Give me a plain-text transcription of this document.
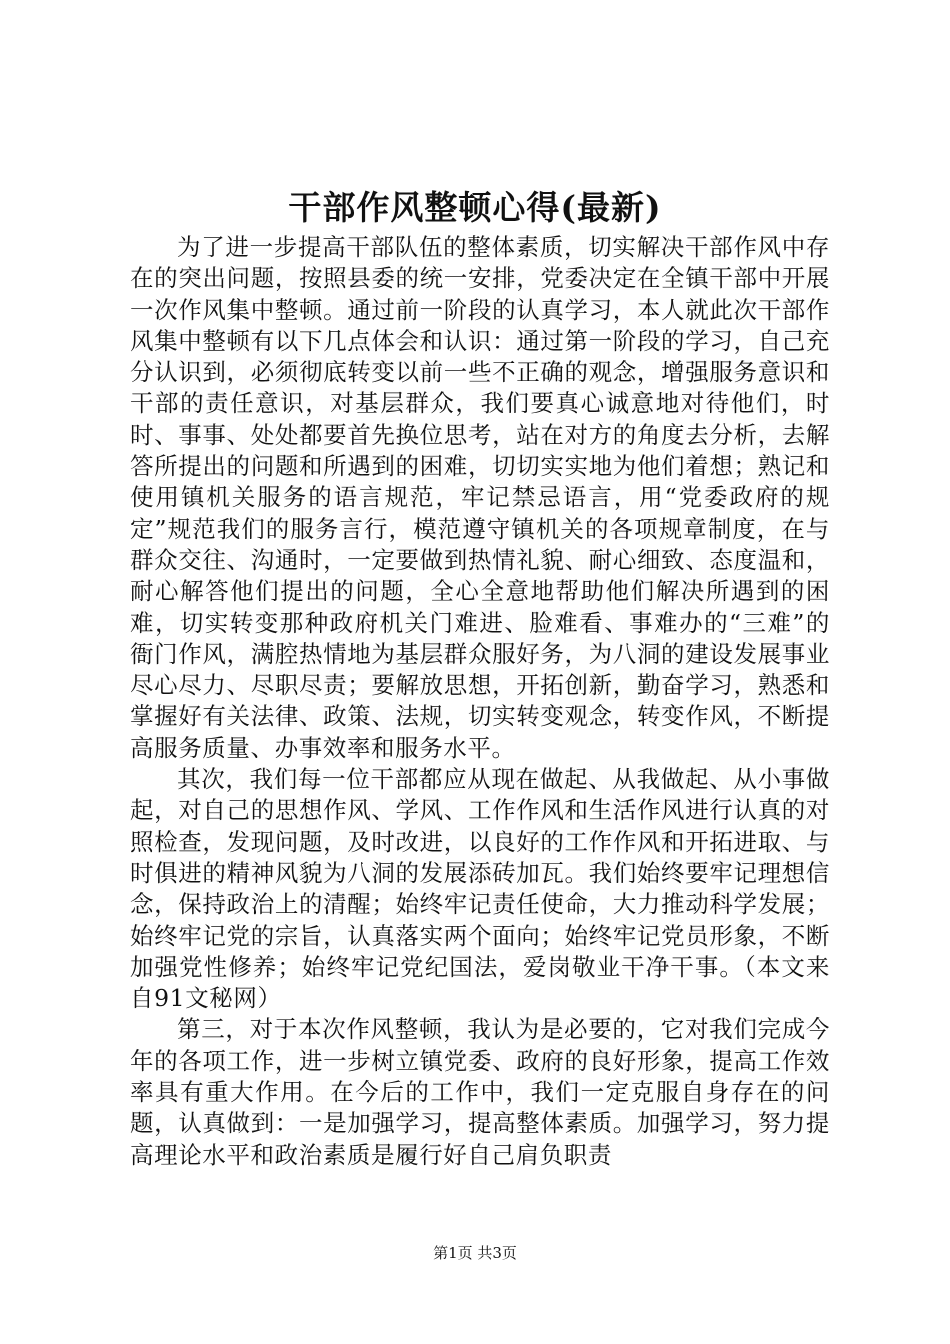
干部作风整顿心得(最新)

为了进一步提高干部队伍的整体素质，切实解决干部作风中存在的突出问题，按照县委的统一安排，党委决定在全镇干部中开展一次作风集中整顿。通过前一阶段的认真学习，本人就此次干部作风集中整顿有以下几点体会和认识：通过第一阶段的学习，自己充分认识到，必须彻底转变以前一些不正确的观念，增强服务意识和干部的责任意识，对基层群众，我们要真心诚意地对待他们，时时、事事、处处都要首先换位思考，站在对方的角度去分析，去解答所提出的问题和所遇到的困难，切切实实地为他们着想；熟记和使用镇机关服务的语言规范，牢记禁忌语言，用“党委政府的规定”规范我们的服务言行，模范遵守镇机关的各项规章制度，在与群众交往、沟通时，一定要做到热情礼貌、耐心细致、态度温和，耐心解答他们提出的问题，全心全意地帮助他们解决所遇到的困难，切实转变那种政府机关门难进、脸难看、事难办的“三难”的衙门作风，满腔热情地为基层群众服好务，为八洞的建设发展事业尽心尽力、尽职尽责；要解放思想，开拓创新，勤奋学习，熟悉和掌握好有关法律、政策、法规，切实转变观念，转变作风，不断提高服务质量、办事效率和服务水平。

其次，我们每一位干部都应从现在做起、从我做起、从小事做起，对自己的思想作风、学风、工作作风和生活作风进行认真的对照检查，发现问题，及时改进，以良好的工作作风和开拓进取、与时俱进的精神风貌为八洞的发展添砖加瓦。我们始终要牢记理想信念，保持政治上的清醒；始终牢记责任使命，大力推动科学发展；始终牢记党的宗旨，认真落实两个面向；始终牢记党员形象，不断加强党性修养；始终牢记党纪国法，爱岗敬业干净干事。（本文来自91文秘网）

第三，对于本次作风整顿，我认为是必要的，它对我们完成今年的各项工作，进一步树立镇党委、政府的良好形象，提高工作效率具有重大作用。在今后的工作中，我们一定克服自身存在的问题，认真做到：一是加强学习，提高整体素质。加强学习，努力提高理论水平和政治素质是履行好自己肩负职责

第1页 共3页
